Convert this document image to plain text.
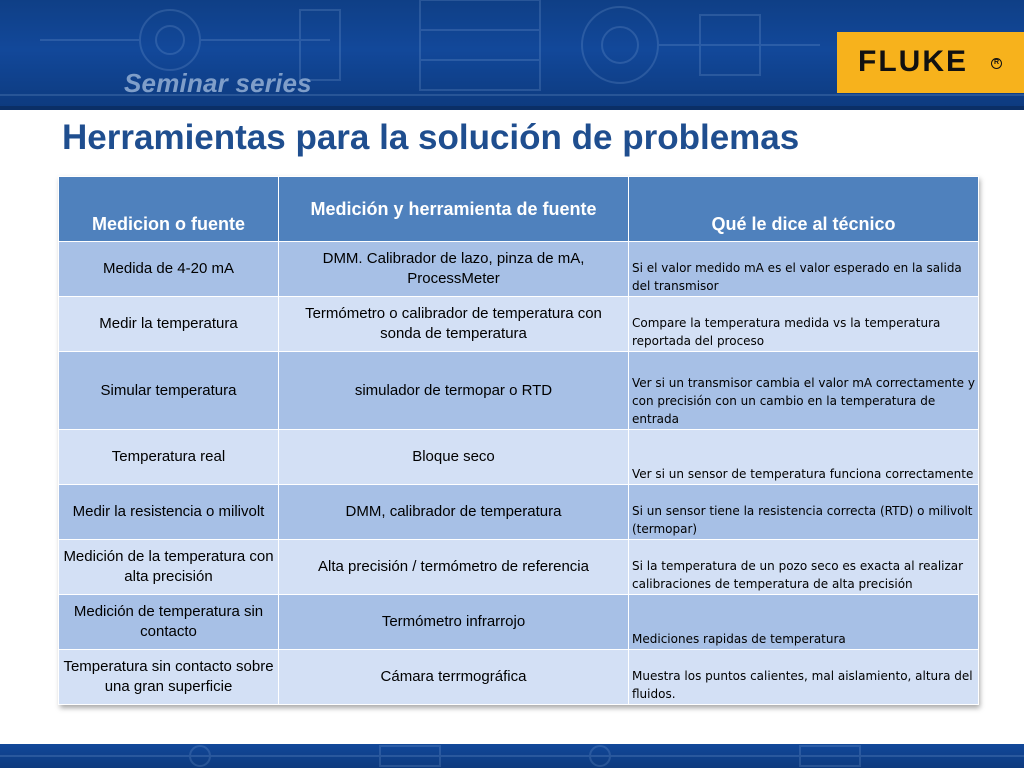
Seminar series
FLUKE	R
Herramientas para la solución de problemas
Medicion o fuente	Medición y herramienta de fuente	Qué le dice al técnico
Medida de 4-20 mA	DMM. Calibrador de lazo, pinza de mA, ProcessMeter	Si el valor medido mA es el valor esperado en la salida del transmisor
Medir la temperatura	Termómetro o calibrador de temperatura con sonda de temperatura	Compare la temperatura medida vs la temperatura reportada del proceso
Simular temperatura	simulador de termopar o RTD	Ver si un transmisor cambia el valor mA correctamente y con precisión con un cambio en la temperatura de entrada
Temperatura real	Bloque seco	Ver si un sensor de temperatura funciona correctamente
Medir la resistencia o milivolt	DMM, calibrador de temperatura	Si un sensor tiene la resistencia correcta (RTD) o milivolt (termopar)
Medición de la temperatura con alta precisión	Alta precisión / termómetro de referencia	Si la temperatura de un pozo seco es exacta al realizar calibraciones de temperatura de alta precisión
Medición de temperatura sin contacto	Termómetro infrarrojo	Mediciones rapidas de temperatura
Temperatura sin contacto sobre una gran superficie	Cámara terrmográfica	Muestra los puntos calientes, mal aislamiento, altura del fluidos.
